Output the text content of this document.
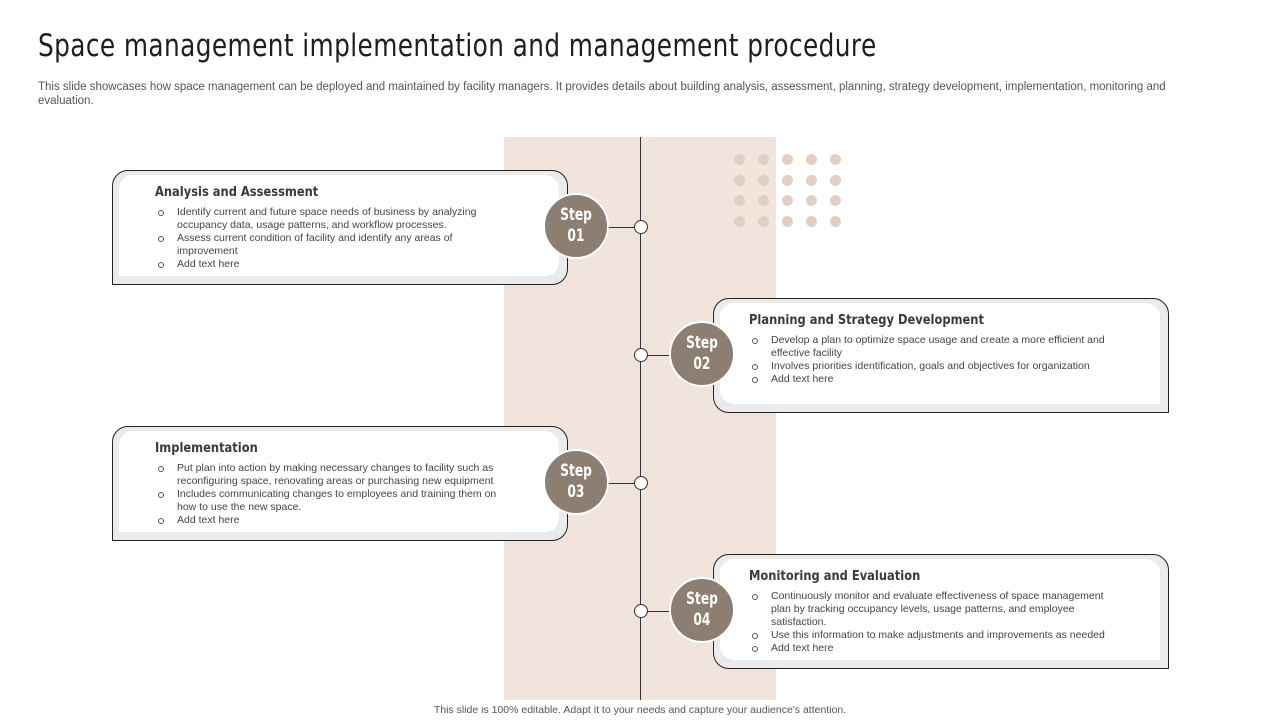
Space management implementation and management procedure
This slide showcases how space management can be deployed and maintained by facility managers. It provides details about building analysis, assessment, planning, strategy development, implementation, monitoring and evaluation.
Analysis and Assessment
Identify current and future space needs of business by analyzing occupancy data, usage patterns, and workflow processes.
Assess current condition of facility and identify any areas of improvement
Add text here
Step
01
Planning and Strategy Development
Develop a plan to optimize space usage and create a more efficient and effective facility
Involves priorities identification, goals and objectives for organization
Add text here
Step
02
Implementation
Put plan into action by making necessary changes to facility such as reconfiguring space, renovating areas or purchasing new equipment
Includes communicating changes to employees and training them on how to use the new space.
Add text here
Step
03
Monitoring and Evaluation
Continuously monitor and evaluate effectiveness of space management plan by tracking occupancy levels, usage patterns, and employee satisfaction.
Use this information to make adjustments and improvements as needed
Add text here
Step
04
This slide is 100% editable. Adapt it to your needs and capture your audience's attention.
